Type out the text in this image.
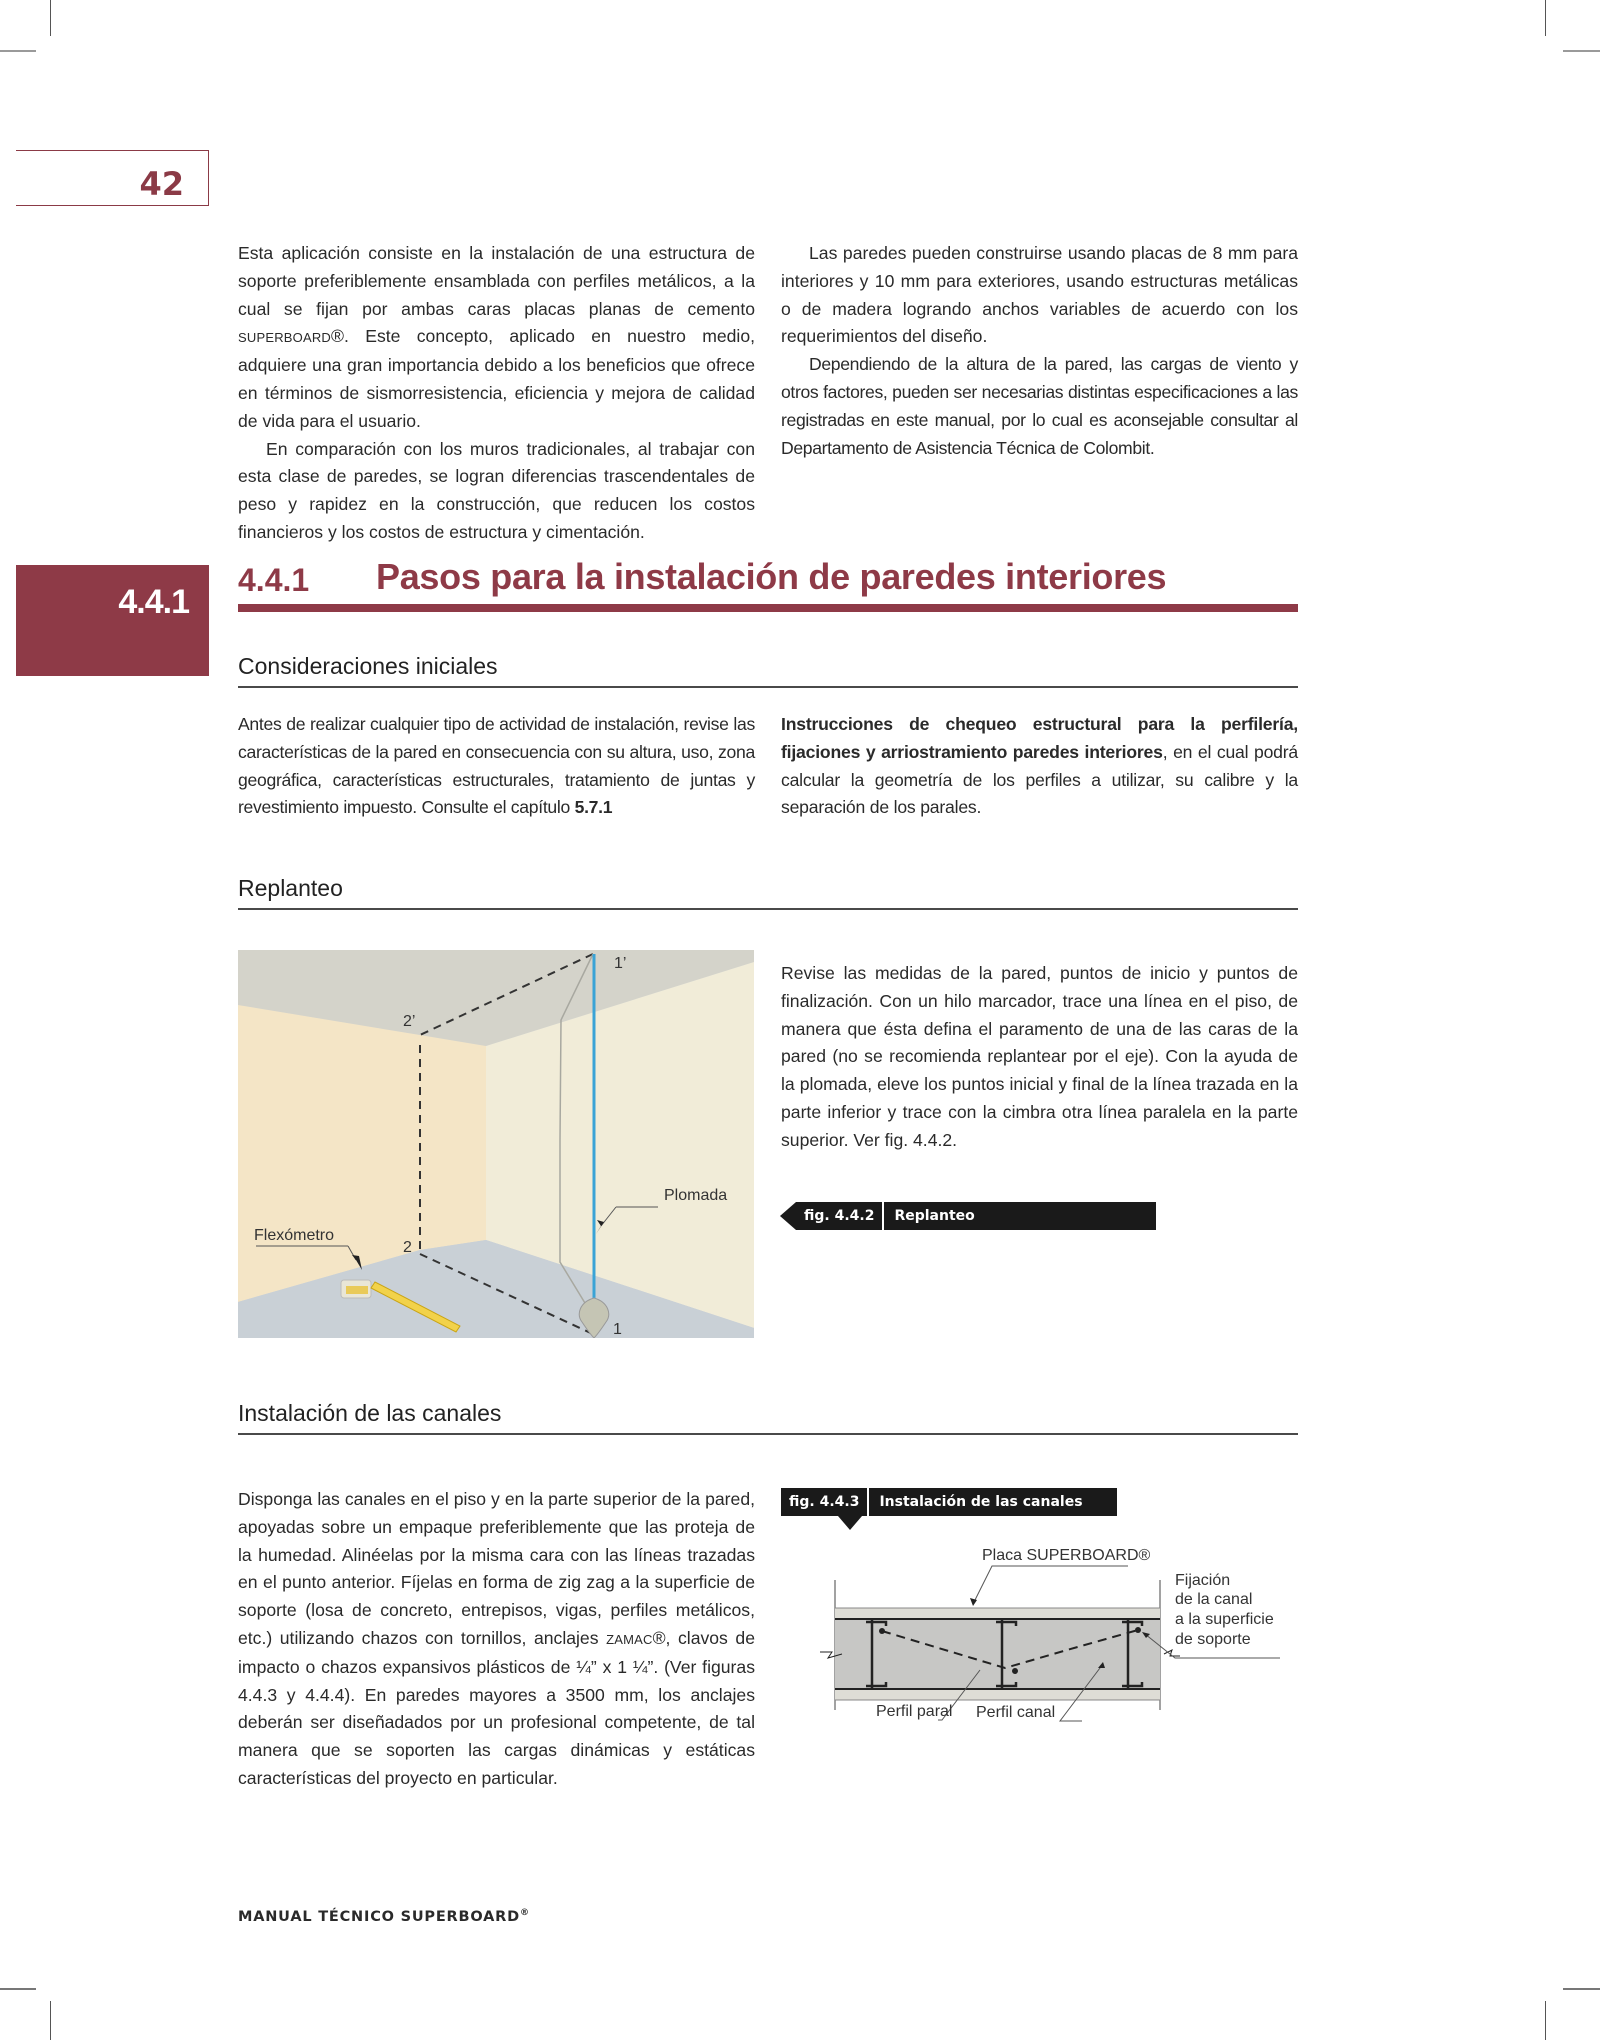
42

Esta aplicación consiste en la instalación de una estructura de soporte preferiblemente ensamblada con perfiles metálicos, a la cual se fijan por ambas caras placas planas de cemento SUPERBOARD®. Este concepto, aplicado en nuestro medio, adquiere una gran importancia debido a los beneficios que ofrece en términos de sismorresistencia, eficiencia y mejora de calidad de vida para el usuario.

En comparación con los muros tradicionales, al trabajar con esta clase de paredes, se logran diferencias trascendentales de peso y rapidez en la construcción, que reducen los costos financieros y los costos de estructura y cimentación.

Las paredes pueden construirse usando placas de 8 mm para interiores y 10 mm para exteriores, usando estructuras metálicas o de madera logrando anchos variables de acuerdo con los requerimientos del diseño.

Dependiendo de la altura de la pared, las cargas de viento y otros factores, pueden ser necesarias distintas especificaciones a las registradas en este manual, por lo cual es aconsejable consultar al Departamento de Asistencia Técnica de Colombit.

4.4.1
4.4.1 Pasos para la instalación de paredes interiores
Consideraciones iniciales

Antes de realizar cualquier tipo de actividad de instalación, revise las características de la pared en consecuencia con su altura, uso, zona geográfica, características estructurales, tratamiento de juntas y revestimiento impuesto. Consulte el capítulo 5.7.1

Instrucciones de chequeo estructural para la perfilería, fijaciones y arriostramiento paredes interiores, en el cual podrá calcular la geometría de los perfiles a utilizar, su calibre y la separación de los parales.

Replanteo
1’
2’
2
1
Plomada
Flexómetro

Revise las medidas de la pared, puntos de inicio y puntos de finalización. Con un hilo marcador, trace una línea en el piso, de manera que ésta defina el paramento de una de las caras de la pared (no se recomienda replantear por el eje). Con la ayuda de la plomada, eleve los puntos inicial y final de la línea trazada en la parte inferior y trace con la cimbra otra línea paralela en la parte superior. Ver fig. 4.4.2.

fig. 4.4.2	Replanteo
Instalación de las canales

Disponga las canales en el piso y en la parte superior de la pared, apoyadas sobre un empaque preferiblemente que las proteja de la humedad. Alinéelas por la misma cara con las líneas trazadas en el punto anterior. Fíjelas en forma de zig zag a la superficie de soporte (losa de concreto, entrepisos, vigas, perfiles metálicos, etc.) utilizando chazos con tornillos, anclajes ZAMAC®, clavos de impacto o chazos expansivos plásticos de ¼” x 1 ¼”. (Ver figuras 4.4.3 y 4.4.4). En paredes mayores a 3500 mm, los anclajes deberán ser diseñadados por un profesional competente, de tal manera que se soporten las cargas dinámicas y estáticas características del proyecto en particular.

fig. 4.4.3	Instalación de las canales
Placa SUPERBOARD®
Fijación
de la canal
a la superficie
de soporte
Perfil paral Perfil canal
MANUAL TÉCNICO SUPERBOARD®
